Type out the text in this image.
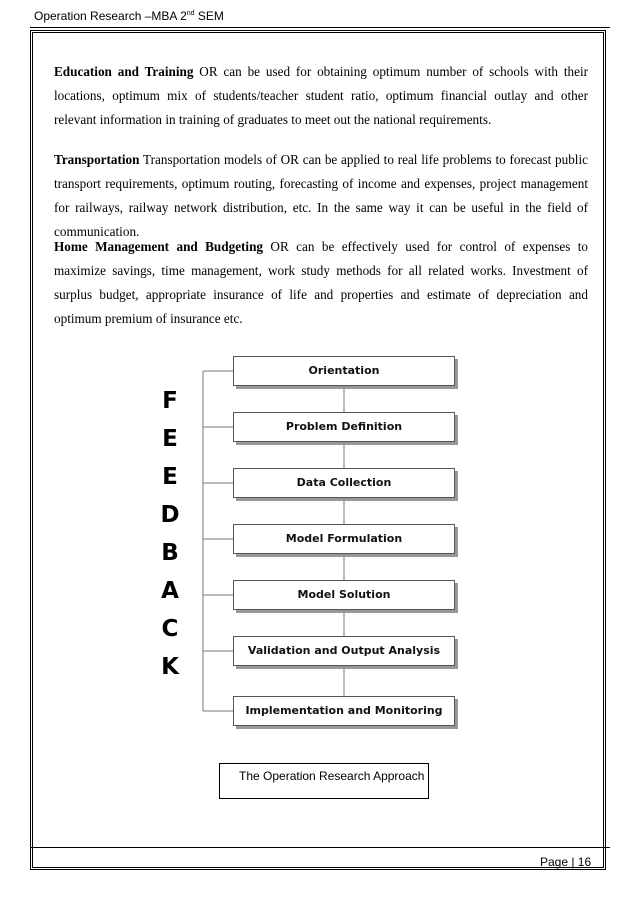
Operation Research –MBA 2nd SEM
Education and Training OR can be used for obtaining optimum number of schools with their locations, optimum mix of students/teacher student ratio, optimum financial outlay and other relevant information in training of graduates to meet out the national requirements.
Transportation Transportation models of OR can be applied to real life problems to forecast public transport requirements, optimum routing, forecasting of income and expenses, project management for railways, railway network distribution, etc. In the same way it can be useful in the field of communication.
Home Management and Budgeting OR can be effectively used for control of expenses to maximize savings, time management, work study methods for all related works. Investment of surplus budget, appropriate insurance of life and properties and estimate of depreciation and optimum premium of insurance etc.
F
E
E
D
B
A
C
K
Orientation
Problem Definition
Data Collection
Model Formulation
Model Solution
Validation and Output Analysis
Implementation and Monitoring
The Operation Research Approach
Page | 16
